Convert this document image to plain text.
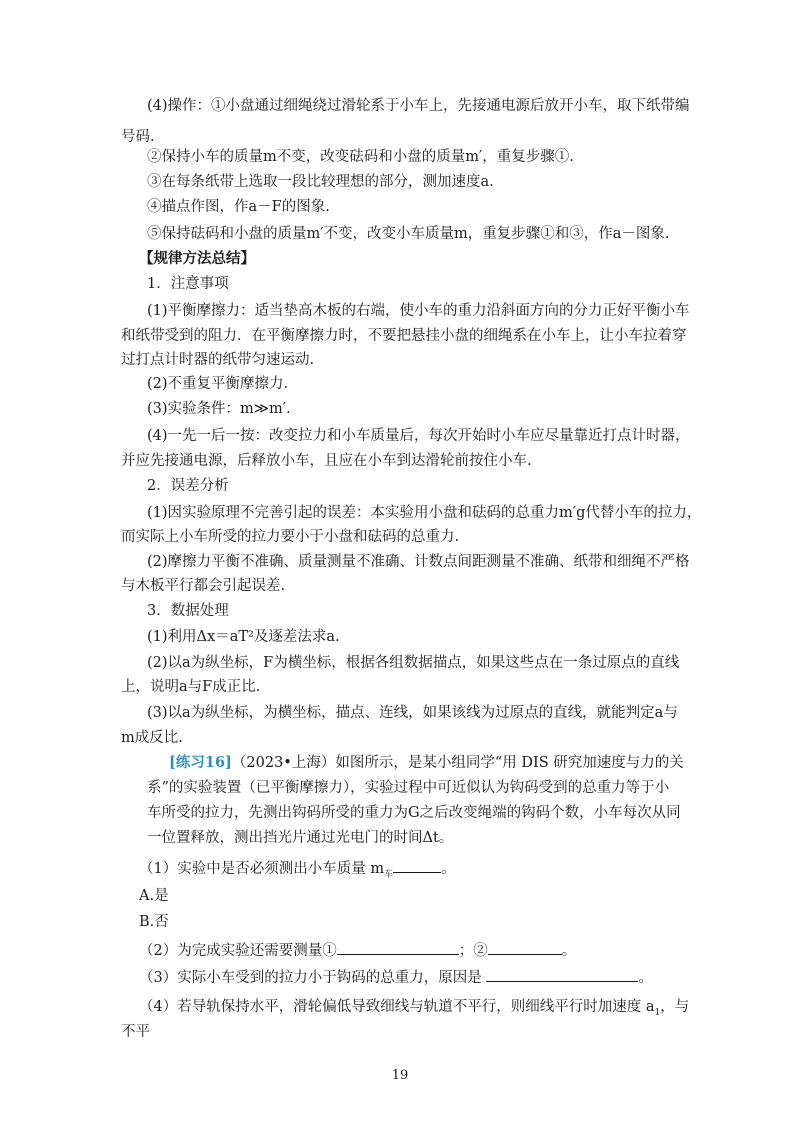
(4)操作：①小盘通过细绳绕过滑轮系于小车上，先接通电源后放开小车，取下纸带编
号码.
②保持小车的质量m不变，改变砝码和小盘的质量m′，重复步骤①.
③在每条纸带上选取一段比较理想的部分，测加速度a.
④描点作图，作a－F的图象.
⑤保持砝码和小盘的质量m′不变，改变小车质量m，重复步骤①和③，作a－图象.
【规律方法总结】
1．注意事项
(1)平衡摩擦力：适当垫高木板的右端，使小车的重力沿斜面方向的分力正好平衡小车
和纸带受到的阻力．在平衡摩擦力时，不要把悬挂小盘的细绳系在小车上，让小车拉着穿
过打点计时器的纸带匀速运动.
(2)不重复平衡摩擦力.
(3)实验条件：m≫m′.
(4)一先一后一按：改变拉力和小车质量后，每次开始时小车应尽量靠近打点计时器，
并应先接通电源，后释放小车，且应在小车到达滑轮前按住小车.
2．误差分析
(1)因实验原理不完善引起的误差：本实验用小盘和砝码的总重力m′g代替小车的拉力，
而实际上小车所受的拉力要小于小盘和砝码的总重力.
(2)摩擦力平衡不准确、质量测量不准确、计数点间距测量不准确、纸带和细绳不严格
与木板平行都会引起误差.
3．数据处理
(1)利用Δx＝aT²及逐差法求a.
(2)以a为纵坐标，F为横坐标，根据各组数据描点，如果这些点在一条过原点的直线
上，说明a与F成正比.
(3)以a为纵坐标，为横坐标，描点、连线，如果该线为过原点的直线，就能判定a与
m成反比.
[练习16]（2023•上海）如图所示，是某小组同学“用 DIS 研究加速度与力的关
系”的实验装置（已平衡摩擦力），实验过程中可近似认为钩码受到的总重力等于小
车所受的拉力，先测出钩码所受的重力为G之后改变绳端的钩码个数，小车每次从同
一位置释放，测出挡光片通过光电门的时间Δt。
（1）实验中是否必须测出小车质量 $m_车$	。
A.是
B.否
（2）为完成实验还需要测量①	；②	。
（3）实际小车受到的拉力小于钩码的总重力，原因是	。
（4）若导轨保持水平，滑轮偏低导致细线与轨道不平行，则细线平行时加速度 $a_1$，与
不平
19
